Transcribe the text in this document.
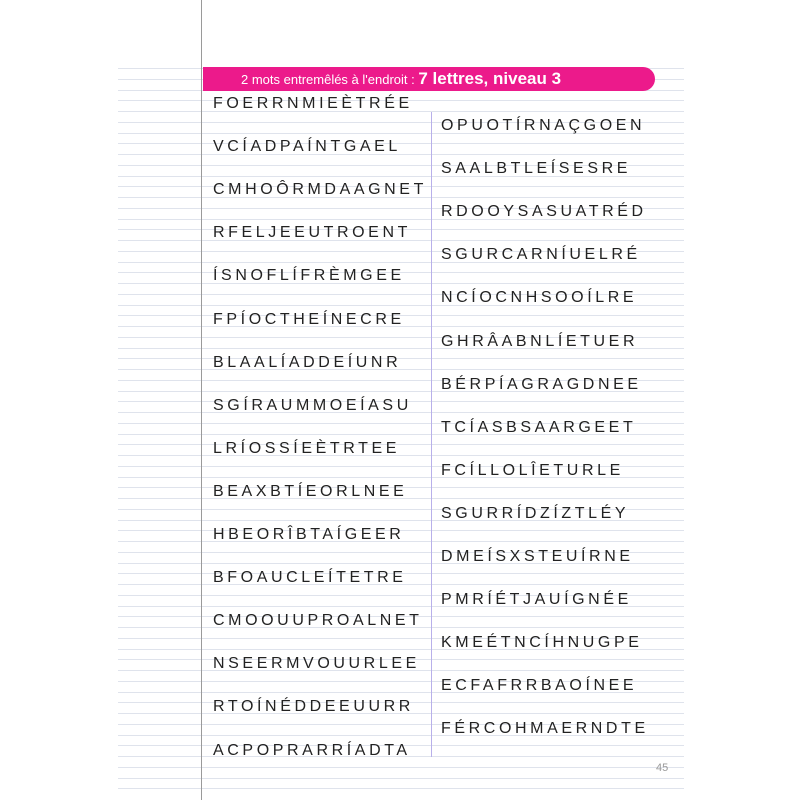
2 mots entremêlés à l'endroit : 7 lettres, niveau 3
FOERRNMIEÈTRÉE
VCÍADPAÍNTGAEL
CMHOÔRMDAAGNET
RFELJEEUTROENT
ÍSNOFLÍFRÈMGEE
FPÍOCTHEÍNECRE
BLAALÍADDEÍUNR
SGÍRAUMMOEÍASU
LRÍOSSÍEÈTRTEE
BEAXBTÍEORLNEE
HBEORÎBTAÍGEER
BFOAUCLEÍTETRE
CMOOUUPROALNET
NSEERMVOUURLEE
RTOÍNÉDDEEUURR
ACPOPRARRÍADTA
OPUOTÍRNAÇGOEN
SAALBTLEÍSESRE
RDOOYSASUATRÉD
SGURCARNÍUELRÉ
NCÍOCNHSOOÍLRE
GHRÂABNLÍETUER
BÉRPÍAGRAGDNEE
TCÍASBSAARGEET
FCÍLLOLÎETURLE
SGURRÍDZÍZTLÉY
DMEÍSXSTEUÍRNE
PMRÍÉTJAUÍGNÉE
KMEÉTNCÍHNUGPE
ECFAFRRBAOÍNEE
FÉRCOHMAERNDTE
45
